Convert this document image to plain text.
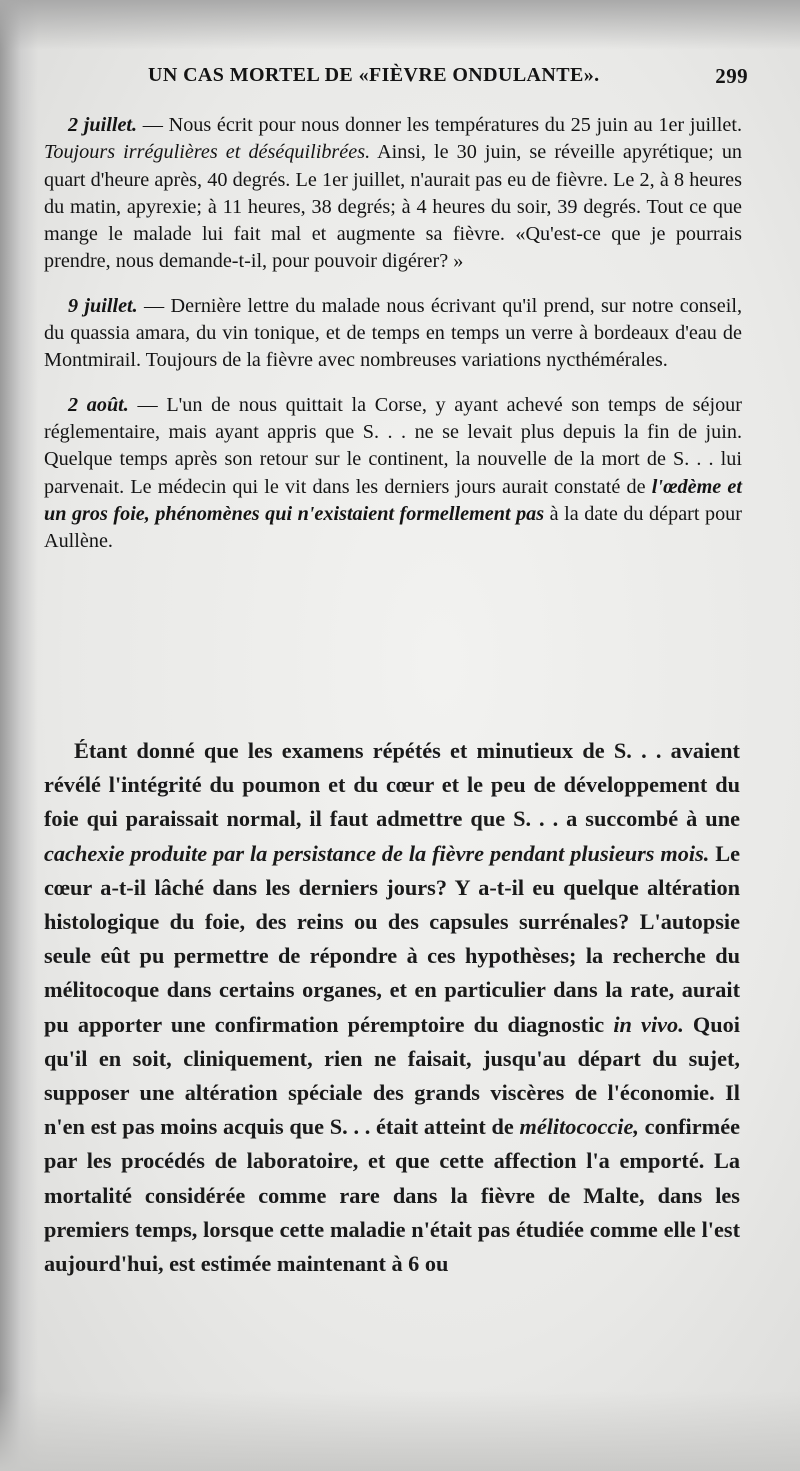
UN CAS MORTEL DE «FIÈVRE ONDULANTE».	299

2 juillet. — Nous écrit pour nous donner les températures du 25 juin au 1er juillet. Toujours irrégulières et déséquilibrées. Ainsi, le 30 juin, se réveille apyrétique; un quart d'heure après, 40 degrés. Le 1er juillet, n'aurait pas eu de fièvre. Le 2, à 8 heures du matin, apyrexie; à 11 heures, 38 degrés; à 4 heures du soir, 39 degrés. Tout ce que mange le malade lui fait mal et augmente sa fièvre. «Qu'est-ce que je pourrais prendre, nous demande-t-il, pour pouvoir digérer? »

9 juillet. — Dernière lettre du malade nous écrivant qu'il prend, sur notre conseil, du quassia amara, du vin tonique, et de temps en temps un verre à bordeaux d'eau de Montmirail. Toujours de la fièvre avec nombreuses variations nycthémérales.

2 août. — L'un de nous quittait la Corse, y ayant achevé son temps de séjour réglementaire, mais ayant appris que S. . . ne se levait plus depuis la fin de juin. Quelque temps après son retour sur le continent, la nouvelle de la mort de S. . . lui parvenait. Le médecin qui le vit dans les derniers jours aurait constaté de l'œdème et un gros foie, phénomènes qui n'existaient formellement pas à la date du départ pour Aullène.

Étant donné que les examens répétés et minutieux de S. . . avaient révélé l'intégrité du poumon et du cœur et le peu de développement du foie qui paraissait normal, il faut admettre que S. . . a succombé à une cachexie produite par la persistance de la fièvre pendant plusieurs mois. Le cœur a-t-il lâché dans les derniers jours? Y a-t-il eu quelque altération histologique du foie, des reins ou des capsules surrénales? L'autopsie seule eût pu permettre de répondre à ces hypothèses; la recherche du mélitocoque dans certains organes, et en particulier dans la rate, aurait pu apporter une confirmation péremptoire du diagnostic in vivo. Quoi qu'il en soit, cliniquement, rien ne faisait, jusqu'au départ du sujet, supposer une altération spéciale des grands viscères de l'économie. Il n'en est pas moins acquis que S. . . était atteint de mélitococcie, confirmée par les procédés de laboratoire, et que cette affection l'a emporté. La mortalité considérée comme rare dans la fièvre de Malte, dans les premiers temps, lorsque cette maladie n'était pas étudiée comme elle l'est aujourd'hui, est estimée maintenant à 6 ou
